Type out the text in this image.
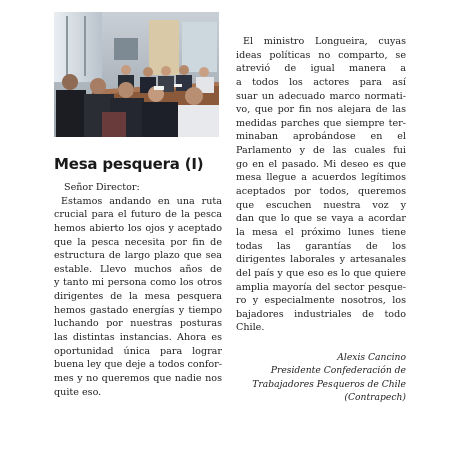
Mesa pesquera (I)
Señor Director:
Estamos andando en una ruta
crucial para el futuro de la pesca
hemos abierto los ojos y aceptado
que la pesca necesita por fin de
estructura de largo plazo que sea
estable. Llevo muchos años de
y tanto mi persona como los otros
dirigentes de la mesa pesquera
hemos gastado energías y tiempo
luchando por nuestras posturas
las distintas instancias. Ahora es
oportunidad única para lograr
buena ley que deje a todos confor-
mes y no queremos que nadie nos
quite eso.
El ministro Longueira, cuyas
ideas políticas no comparto, se
atrevió de igual manera a
a todos los actores para así
suar un adecuado marco normati-
vo, que por fin nos alejara de las
medidas parches que siempre ter-
minaban aprobándose en el
Parlamento y de las cuales fui
go en el pasado. Mi deseo es que
mesa llegue a acuerdos legítimos
aceptados por todos, queremos
que escuchen nuestra voz y
dan que lo que se vaya a acordar
la mesa el próximo lunes tiene
todas las garantías de los
dirigentes laborales y artesanales
del país y que eso es lo que quiere
amplia mayoría del sector pesque-
ro y especialmente nosotros, los
bajadores industriales de todo
Chile.
Alexis Cancino
Presidente Confederación de
Trabajadores Pesqueros de Chile
(Contrapech)
